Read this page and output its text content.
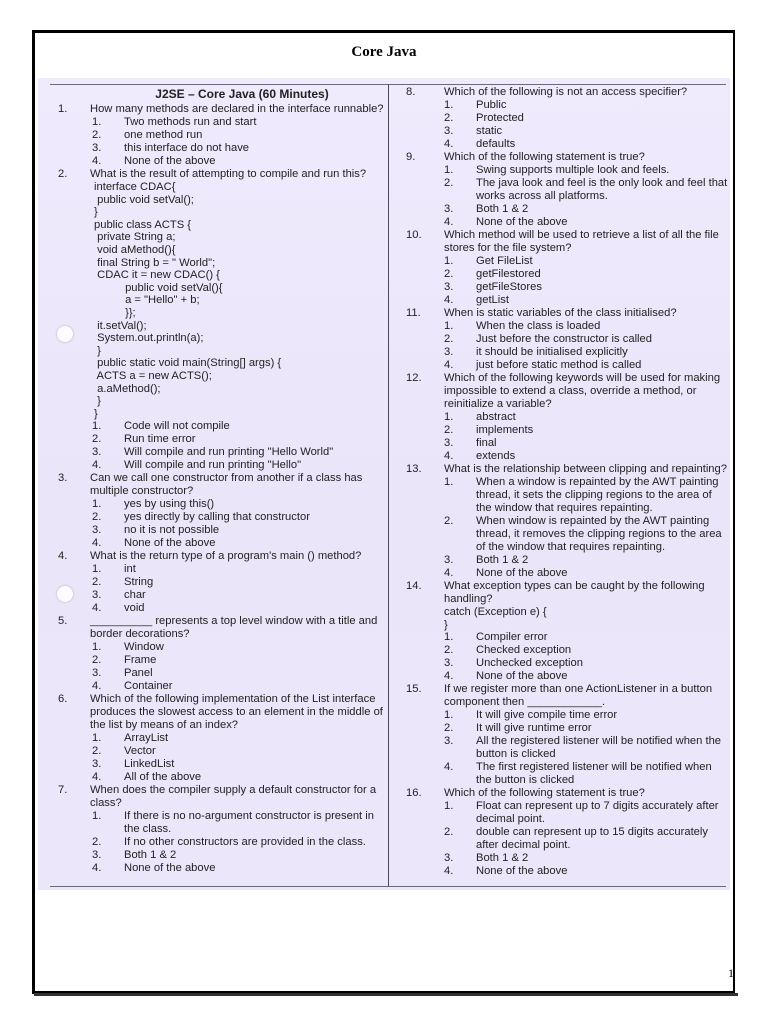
Core Java
J2SE – Core Java (60 Minutes)
1.	How many methods are declared in the interface runnable?
1.	Two methods run and start
2.	one method run
3.	this interface do not have
4.	None of the above
2.	What is the result of attempting to compile and run this?
interface CDAC{
public void setVal();
}
public class ACTS {
private String a;
void aMethod(){
final String b = " World";
CDAC it = new CDAC() {
public void setVal(){
a = "Hello" + b;
}};
it.setVal();
System.out.println(a);
}
public static void main(String[] args) {
ACTS a = new ACTS();
a.aMethod();
}
}
1.	Code will not compile
2.	Run time error
3.	Will compile and run printing "Hello World"
4.	Will compile and run printing "Hello"
3.	Can we call one constructor from another if a class has multiple constructor?
1.	yes by using this()
2.	yes directly by calling that constructor
3.	no it is not possible
4.	None of the above
4.	What is the return type of a program's main () method?
1.	int
2.	String
3.	char
4.	void
5.	__________ represents a top level window with a title and border decorations?
1.	Window
2.	Frame
3.	Panel
4.	Container
6.	Which of the following implementation of the List interface produces the slowest access to an element in the middle of the list by means of an index?
1.	ArrayList
2.	Vector
3.	LinkedList
4.	All of the above
7.	When does the compiler supply a default constructor for a class?
1.	If there is no no-argument constructor is present in the class.
2.	If no other constructors are provided in the class.
3.	Both 1 & 2
4.	None of the above
8.	Which of the following is not an access specifier?
1.	Public
2.	Protected
3.	static
4.	defaults
9.	Which of the following statement is true?
1.	Swing supports multiple look and feels.
2.	The java look and feel is the only look and feel that works across all platforms.
3.	Both 1 & 2
4.	None of the above
10.	Which method will be used to retrieve a list of all the file stores for the file system?
1.	Get FileList
2.	getFilestored
3.	getFileStores
4.	getList
11.	When is static variables of the class initialised?
1.	When the class is loaded
2.	Just before the constructor is called
3.	it should be initialised explicitly
4.	just before static method is called
12.	Which of the following keywords will be used for making impossible to extend a class, override a method, or reinitialize a variable?
1.	abstract
2.	implements
3.	final
4.	extends
13.	What is the relationship between clipping and repainting?
1.	When a window is repainted by the AWT painting thread, it sets the clipping regions to the area of the window that requires repainting.
2.	When window is repainted by the AWT painting thread, it removes the clipping regions to the area of the window that requires repainting.
3.	Both 1 & 2
4.	None of the above
14.	What exception types can be caught by the following handling?
catch (Exception e) {
}
1.	Compiler error
2.	Checked exception
3.	Unchecked exception
4.	None of the above
15.	If we register more than one ActionListener in a button component then ____________.
1.	It will give compile time error
2.	It will give runtime error
3.	All the registered listener will be notified when the button is clicked
4.	The first registered listener will be notified when the button is clicked
16.	Which of the following statement is true?
1.	Float can represent up to 7 digits accurately after decimal point.
2.	double can represent up to 15 digits accurately after decimal point.
3.	Both 1 & 2
4.	None of the above
1
